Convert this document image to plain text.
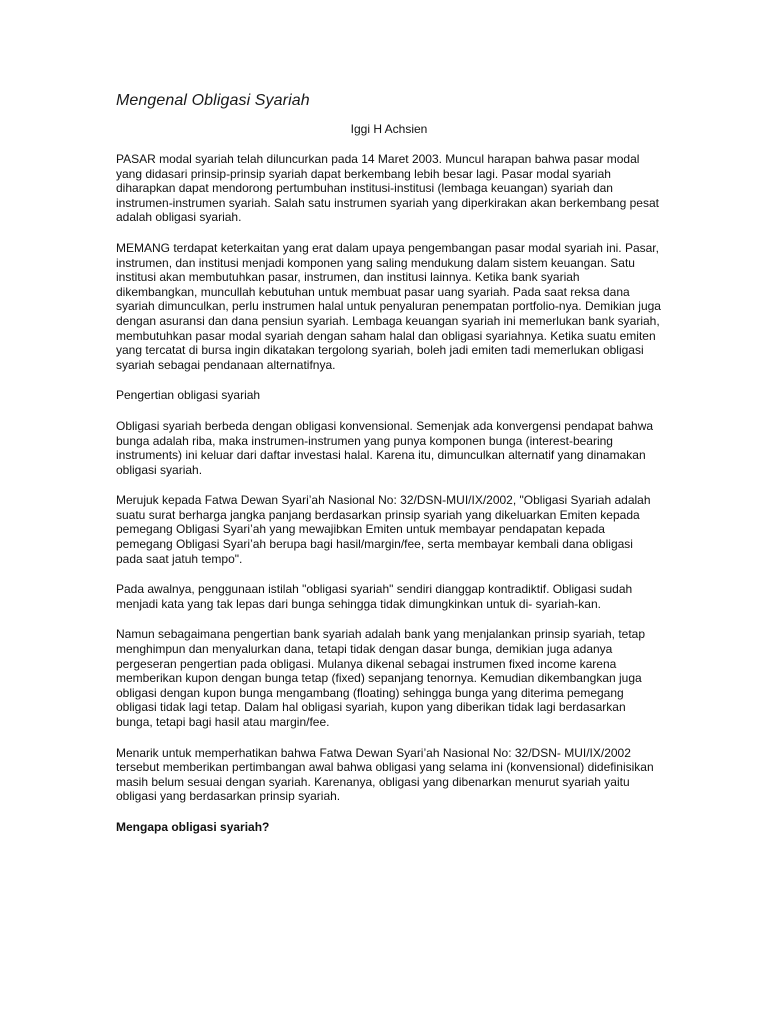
Mengenal Obligasi Syariah
Iggi H Achsien

PASAR modal syariah telah diluncurkan pada 14 Maret 2003. Muncul harapan bahwa pasar modal yang didasari prinsip-prinsip syariah dapat berkembang lebih besar lagi. Pasar modal syariah diharapkan dapat mendorong pertumbuhan institusi-institusi (lembaga keuangan) syariah dan instrumen-instrumen syariah. Salah satu instrumen syariah yang diperkirakan akan berkembang pesat adalah obligasi syariah.

MEMANG terdapat keterkaitan yang erat dalam upaya pengembangan pasar modal syariah ini. Pasar, instrumen, dan institusi menjadi komponen yang saling mendukung dalam sistem keuangan. Satu institusi akan membutuhkan pasar, instrumen, dan institusi lainnya. Ketika bank syariah dikembangkan, muncullah kebutuhan untuk membuat pasar uang syariah. Pada saat reksa dana syariah dimunculkan, perlu instrumen halal untuk penyaluran penempatan portfolio-nya. Demikian juga dengan asuransi dan dana pensiun syariah. Lembaga keuangan syariah ini memerlukan bank syariah, membutuhkan pasar modal syariah dengan saham halal dan obligasi syariahnya. Ketika suatu emiten yang tercatat di bursa ingin dikatakan tergolong syariah, boleh jadi emiten tadi memerlukan obligasi syariah sebagai pendanaan alternatifnya.

Pengertian obligasi syariah

Obligasi syariah berbeda dengan obligasi konvensional. Semenjak ada konvergensi pendapat bahwa bunga adalah riba, maka instrumen-instrumen yang punya komponen bunga (interest-bearing instruments) ini keluar dari daftar investasi halal. Karena itu, dimunculkan alternatif yang dinamakan obligasi syariah.

Merujuk kepada Fatwa Dewan Syari’ah Nasional No: 32/DSN-MUI/IX/2002, "Obligasi Syariah adalah suatu surat berharga jangka panjang berdasarkan prinsip syariah yang dikeluarkan Emiten kepada pemegang Obligasi Syari’ah yang mewajibkan Emiten untuk membayar pendapatan kepada pemegang Obligasi Syari’ah berupa bagi hasil/margin/fee, serta membayar kembali dana obligasi pada saat jatuh tempo".

Pada awalnya, penggunaan istilah "obligasi syariah" sendiri dianggap kontradiktif. Obligasi sudah menjadi kata yang tak lepas dari bunga sehingga tidak dimungkinkan untuk di- syariah-kan.

Namun sebagaimana pengertian bank syariah adalah bank yang menjalankan prinsip syariah, tetap menghimpun dan menyalurkan dana, tetapi tidak dengan dasar bunga, demikian juga adanya pergeseran pengertian pada obligasi. Mulanya dikenal sebagai instrumen fixed income karena memberikan kupon dengan bunga tetap (fixed) sepanjang tenornya. Kemudian dikembangkan juga obligasi dengan kupon bunga mengambang (floating) sehingga bunga yang diterima pemegang obligasi tidak lagi tetap. Dalam hal obligasi syariah, kupon yang diberikan tidak lagi berdasarkan bunga, tetapi bagi hasil atau margin/fee.

Menarik untuk memperhatikan bahwa Fatwa Dewan Syari’ah Nasional No: 32/DSN- MUI/IX/2002 tersebut memberikan pertimbangan awal bahwa obligasi yang selama ini (konvensional) didefinisikan masih belum sesuai dengan syariah. Karenanya, obligasi yang dibenarkan menurut syariah yaitu obligasi yang berdasarkan prinsip syariah.

Mengapa obligasi syariah?
